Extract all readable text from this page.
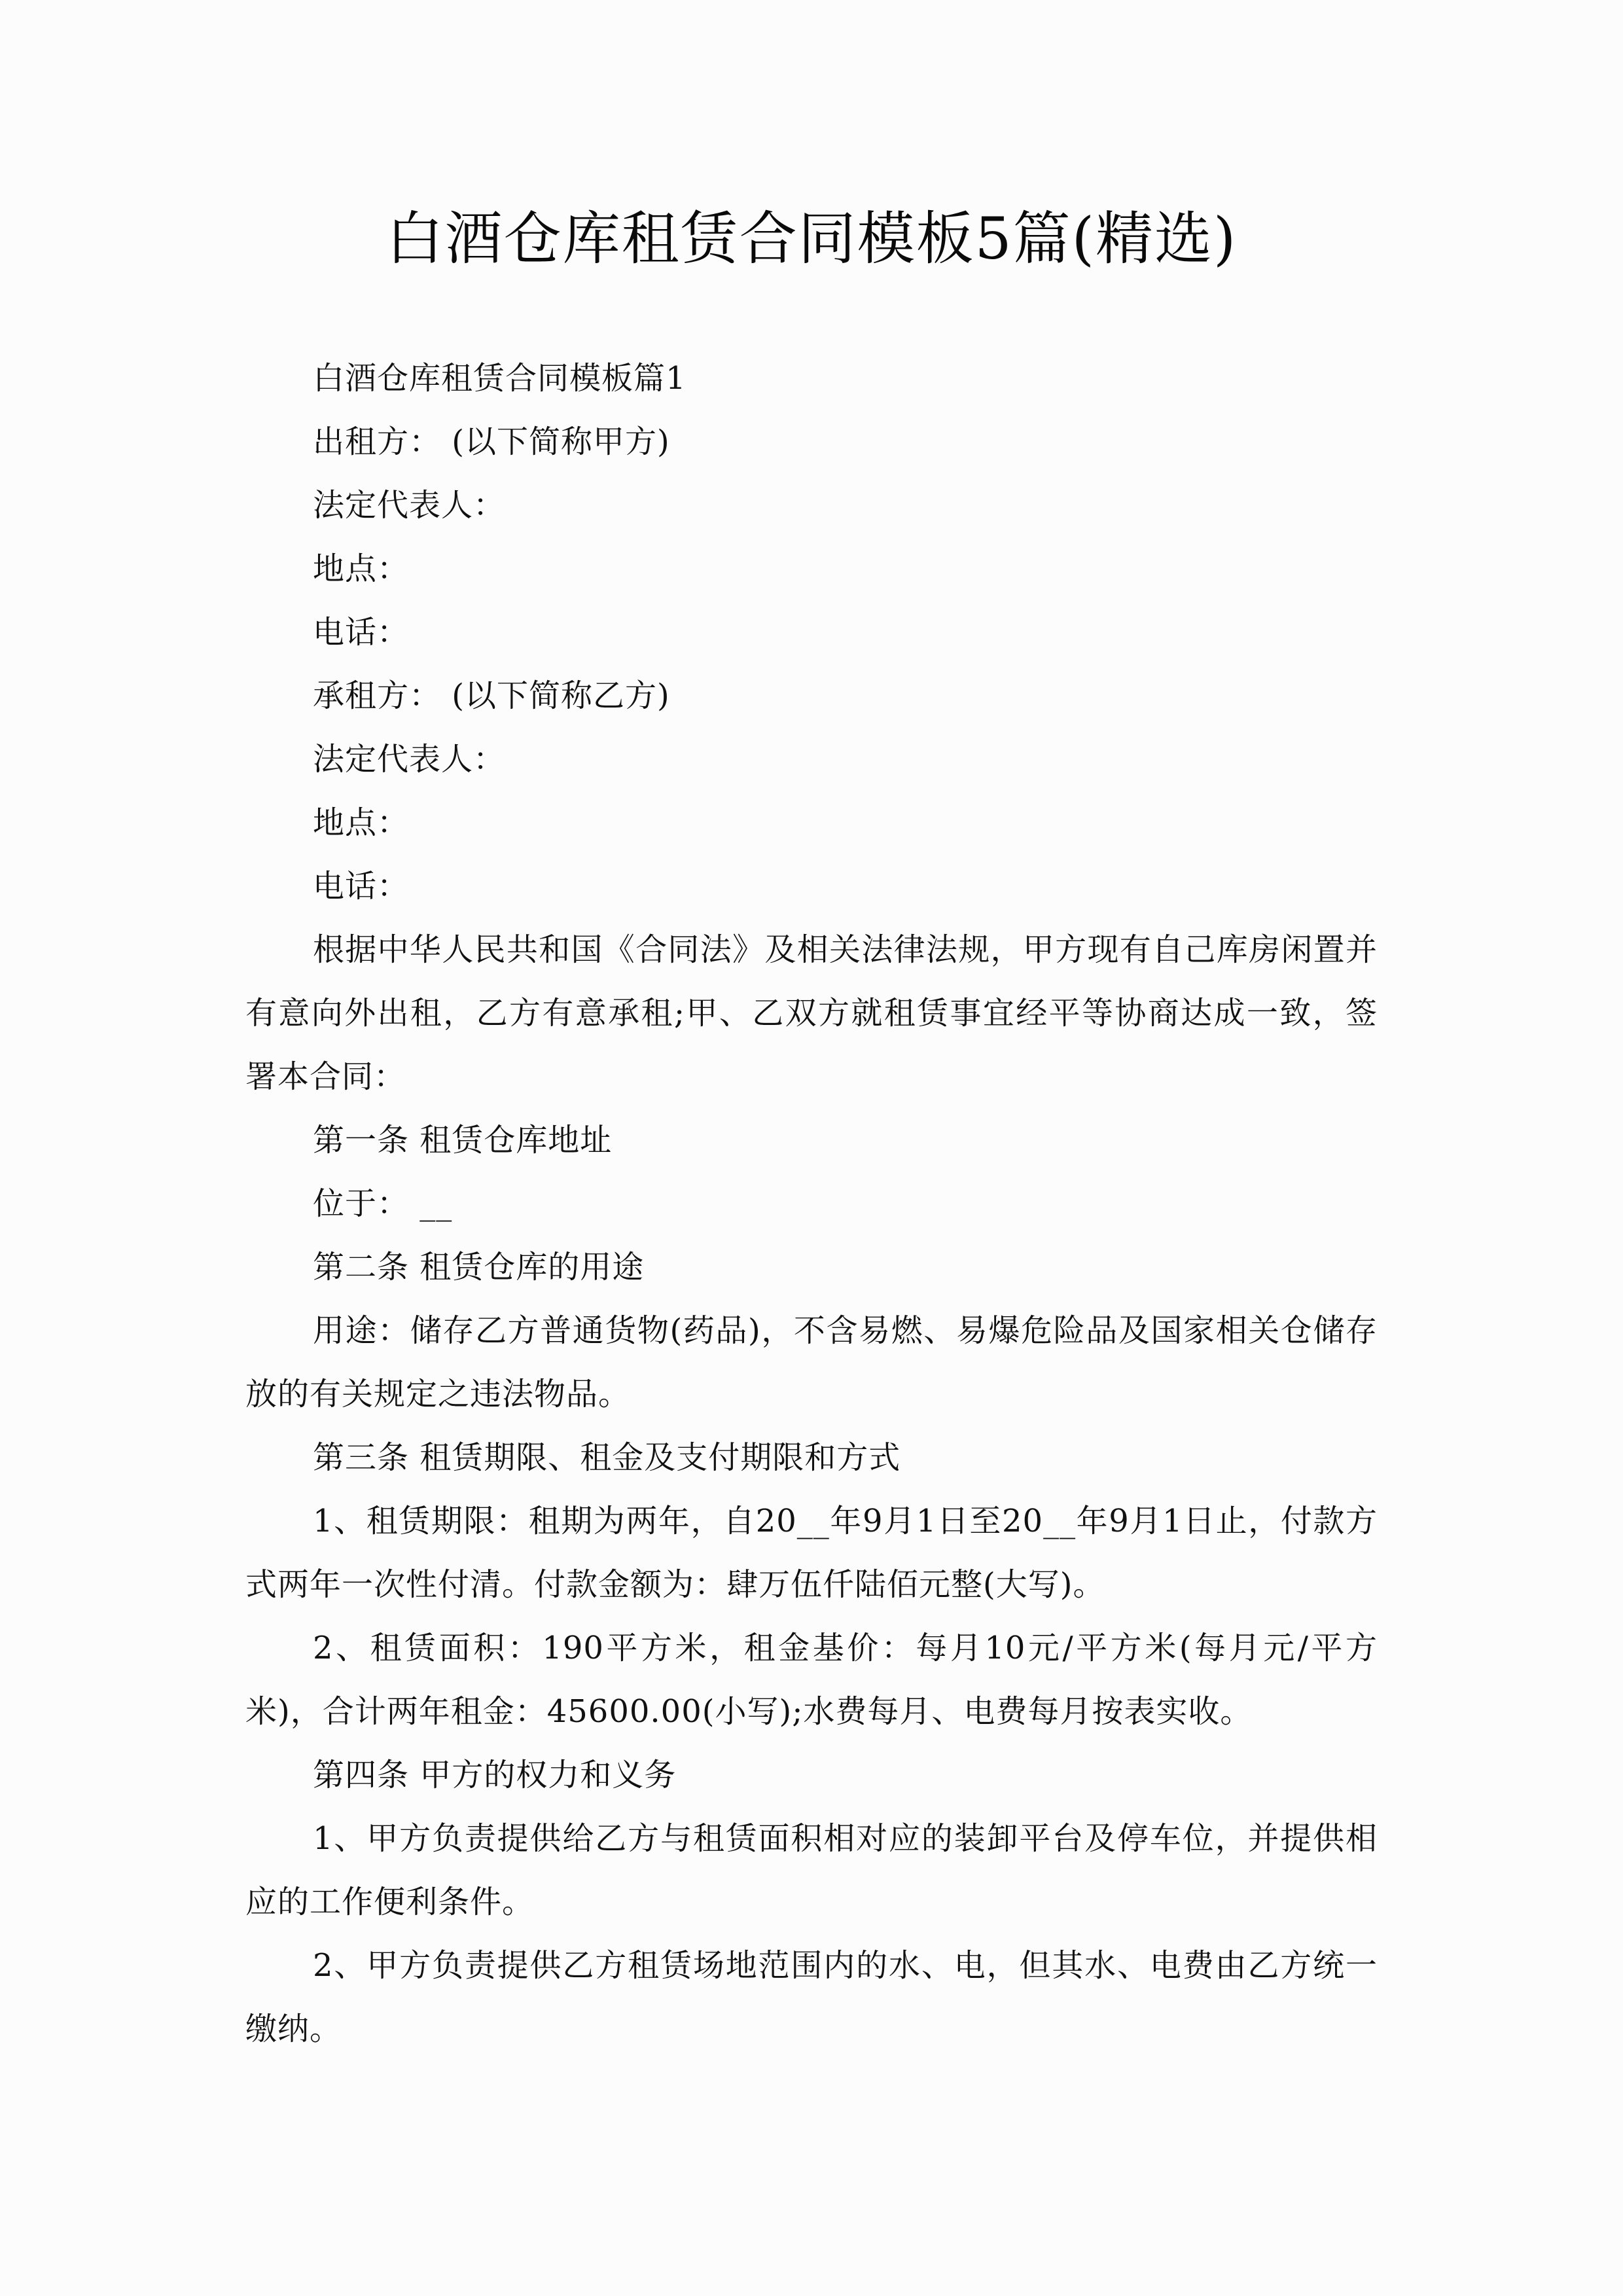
白酒仓库租赁合同模板5篇(精选)
白酒仓库租赁合同模板篇1
出租方： (以下简称甲方)
法定代表人：
地点：
电话：
承租方： (以下简称乙方)
法定代表人：
地点：
电话：
根据中华人民共和国《合同法》及相关法律法规，甲方现有自己库房闲置并有意向外出租，乙方有意承租;甲、乙双方就租赁事宜经平等协商达成一致，签署本合同：
第一条 租赁仓库地址
位于： __
第二条 租赁仓库的用途
用途：储存乙方普通货物(药品)，不含易燃、易爆危险品及国家相关仓储存放的有关规定之违法物品。
第三条 租赁期限、租金及支付期限和方式
1、租赁期限：租期为两年，自20__年9月1日至20__年9月1日止，付款方式两年一次性付清。付款金额为：肆万伍仟陆佰元整(大写)。
2、租赁面积：190平方米，租金基价：每月10元/平方米(每月元/平方米)，合计两年租金：45600.00(小写);水费每月、电费每月按表实收。
第四条 甲方的权力和义务
1、甲方负责提供给乙方与租赁面积相对应的装卸平台及停车位，并提供相应的工作便利条件。
2、甲方负责提供乙方租赁场地范围内的水、电，但其水、电费由乙方统一缴纳。
